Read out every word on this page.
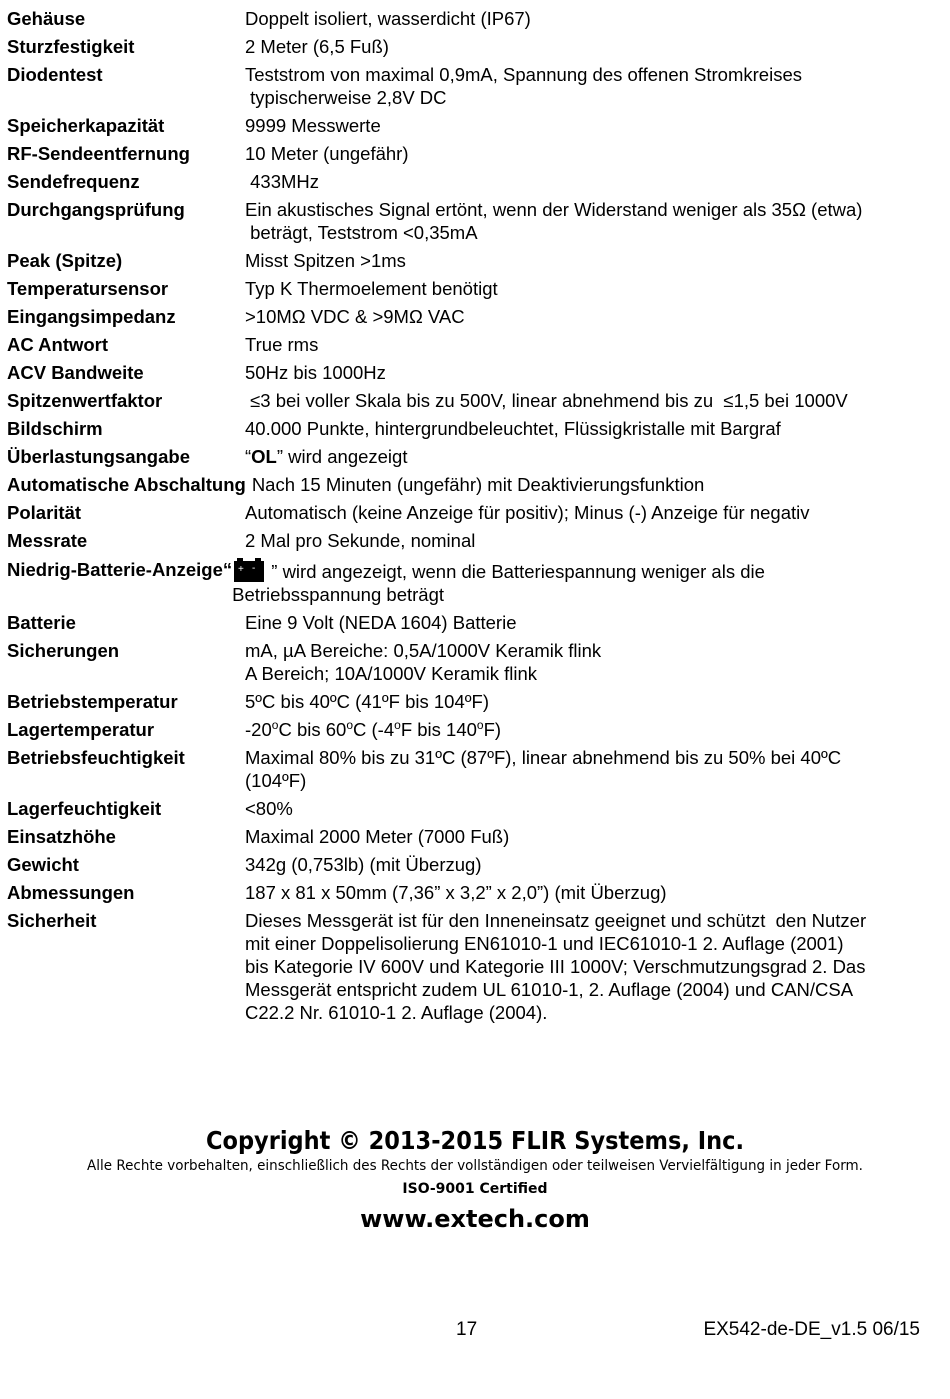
Gehäuse	Doppelt isoliert, wasserdicht (IP67)
Sturzfestigkeit	2 Meter (6,5 Fuß)
Diodentest	Teststrom von maximal 0,9mA, Spannung des offenen Stromkreises
typischerweise 2,8V DC
Speicherkapazität	9999 Messwerte
RF-Sendeentfernung	10 Meter (ungefähr)
Sendefrequenz	433MHz
Durchgangsprüfung	Ein akustisches Signal ertönt, wenn der Widerstand weniger als 35Ω (etwa)
beträgt, Teststrom <0,35mA
Peak (Spitze)	Misst Spitzen >1ms
Temperatursensor	Typ K Thermoelement benötigt
Eingangsimpedanz	>10MΩ VDC & >9MΩ VAC
AC Antwort	True rms
ACV Bandweite	50Hz bis 1000Hz
Spitzenwertfaktor	≤3 bei voller Skala bis zu 500V, linear abnehmend bis zu  ≤1,5 bei 1000V
Bildschirm	40.000 Punkte, hintergrundbeleuchtet, Flüssigkristalle mit Bargraf
Überlastungsangabe	“OL” wird angezeigt
Automatische Abschaltung Nach 15 Minuten (ungefähr) mit Deaktivierungsfunktion
Polarität	Automatisch (keine Anzeige für positiv); Minus (-) Anzeige für negativ
Messrate	2 Mal pro Sekunde, nominal
Niedrig-Batterie-Anzeige“ + - ” wird angezeigt, wenn die Batteriespannung weniger als die
Betriebsspannung beträgt
Batterie	Eine 9 Volt (NEDA 1604) Batterie
Sicherungen	mA, µA Bereiche: 0,5A/1000V Keramik flink
A Bereich; 10A/1000V Keramik flink
Betriebstemperatur	5ºC bis 40ºC (41ºF bis 104ºF)
Lagertemperatur	-20$^o$C bis 60$^o$C (-4$^o$F bis 140$^o$F)
Betriebsfeuchtigkeit	Maximal 80% bis zu 31ºC (87ºF), linear abnehmend bis zu 50% bei 40ºC
(104ºF)
Lagerfeuchtigkeit	<80%
Einsatzhöhe	Maximal 2000 Meter (7000 Fuß)
Gewicht	342g (0,753lb) (mit Überzug)
Abmessungen	187 x 81 x 50mm (7,36” x 3,2” x 2,0”) (mit Überzug)
Sicherheit	Dieses Messgerät ist für den Inneneinsatz geeignet und schützt  den Nutzer
mit einer Doppelisolierung EN61010-1 und IEC61010-1 2. Auflage (2001)
bis Kategorie IV 600V und Kategorie III 1000V; Verschmutzungsgrad 2. Das
Messgerät entspricht zudem UL 61010-1, 2. Auflage (2004) und CAN/CSA
C22.2 Nr. 61010-1 2. Auflage (2004).
Copyright © 2013-2015 FLIR Systems, Inc.
Alle Rechte vorbehalten, einschließlich des Rechts der vollständigen oder teilweisen Vervielfältigung in jeder Form.
ISO-9001 Certified
www.extech.com
17	EX542-de-DE_v1.5 06/15
